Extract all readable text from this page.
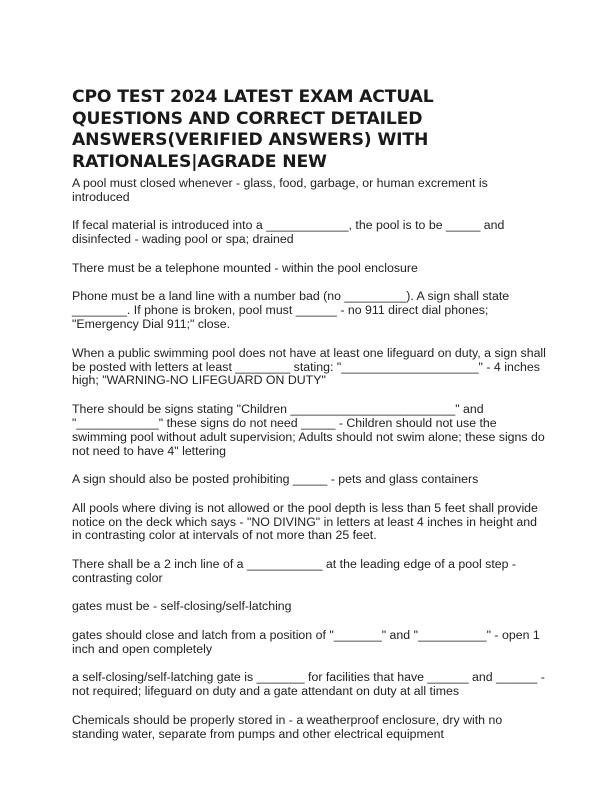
CPO TEST 2024 LATEST EXAM ACTUAL QUESTIONS AND CORRECT DETAILED ANSWERS(VERIFIED ANSWERS) WITH RATIONALES|AGRADE NEW

A pool must closed whenever - glass, food, garbage, or human excrement is introduced

If fecal material is introduced into a ____________, the pool is to be _____ and disinfected - wading pool or spa; drained

There must be a telephone mounted - within the pool enclosure

Phone must be a land line with a number bad (no _________). A sign shall state ________. If phone is broken, pool must ______ - no 911 direct dial phones; "Emergency Dial 911;" close.

When a public swimming pool does not have at least one lifeguard on duty, a sign shall be posted with letters at least ________ stating: "____________________" - 4 inches high; "WARNING-NO LIFEGUARD ON DUTY"

There should be signs stating "Children ________________________" and "____________" these signs do not need _____ - Children should not use the swimming pool without adult supervision; Adults should not swim alone; these signs do not need to have 4" lettering

A sign should also be posted prohibiting _____ - pets and glass containers

All pools where diving is not allowed or the pool depth is less than 5 feet shall provide notice on the deck which says - "NO DIVING" in letters at least 4 inches in height and in contrasting color at intervals of not more than 25 feet.

There shall be a 2 inch line of a ___________ at the leading edge of a pool step - contrasting color

gates must be - self-closing/self-latching

gates should close and latch from a position of "_______" and "__________" - open 1 inch and open completely

a self-closing/self-latching gate is _______ for facilities that have ______ and ______ - not required; lifeguard on duty and a gate attendant on duty at all times

Chemicals should be properly stored in - a weatherproof enclosure, dry with no standing water, separate from pumps and other electrical equipment
